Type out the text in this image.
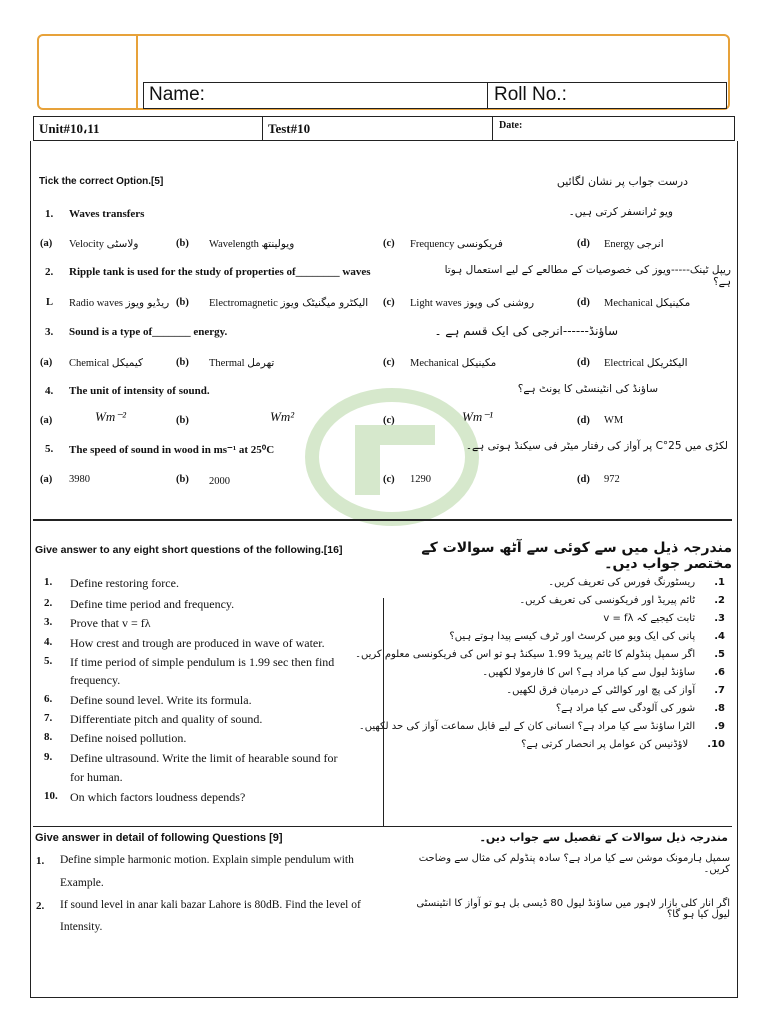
Name:	Roll No.:
Unit#10،11	Test#10	Date:
Tick the correct Option.[5]	درست جواب پر نشان لگائیں
1. Waves transfers	ویو ٹرانسفر کرتی ہیں۔
(a) Velocity ولاسٹی	(b) Wavelength ویولینتھ	(c) Frequency فریکونسی	(d) Energy انرجی
2. Ripple tank is used for the study of properties of________ waves	ریپل ٹینک-----ویوز کی خصوصیات کے مطالعے کے لیے استعمال ہوتا ہے؟
L Radio waves ریڈیو ویوز (b) Electromagnetic الیکٹرو میگنیٹک ویوز (c) Light waves روشنی کی ویوز	(d) Mechanical مکینیکل
3. Sound is a type of_______ energy.	ساؤنڈ------انرجی کی ایک قسم ہے ۔
(a) Chemical کیمیکل	(b) Thermal تھرمل	(c) Mechanical مکینیکل	(d) Electrical الیکٹریکل
4. The unit of intensity of sound.	ساؤنڈ کی انٹینسٹی کا یونٹ ہے؟
(a)	Wm⁻²	(b)	Wm²	(c)	Wm⁻¹	(d) WM
5. The speed of sound in wood in ms⁻¹ at 25⁰C	لکڑی میں C°25 پر آواز کی رفتار میٹر فی سیکنڈ ہوتی ہے۔
(a) 3980	(b) 2000	(c) 1290	(d) 972
Give answer to any eight short questions of the following.[16]	مندرجہ ذیل میں سے کوئی سے آٹھ سوالات کے مختصر جواب دیں۔
1. Define restoring force.
2. Define time period and frequency.
3. Prove that v = fλ
4. How crest and trough are produced in wave of water.
5. If time period of simple pendulum is 1.99 sec then find
frequency.
6. Define sound level. Write its formula.
7. Differentiate pitch and quality of sound.
8. Define noised pollution.
9. Define ultrasound. Write the limit of hearable sound for
for human.
10. On which factors loudness depends?
1.      ریسٹورنگ فورس کی تعریف کریں۔
2.      ٹائم پیریڈ اور فریکونسی کی تعریف کریں۔
3.      ثابت کیجیے کہ v = fλ
4.      پانی کی ایک ویو میں کرسٹ اور ٹرف کیسے پیدا ہوتے ہیں؟
5.      اگر سمپل پنڈولم کا ٹائم پیریڈ 1.99 سیکنڈ ہو تو اس کی فریکونسی معلوم کریں۔
6.      ساؤنڈ لیول سے کیا مراد ہے؟ اس کا فارمولا لکھیں۔
7.      آواز کی پچ اور کوالٹی کے درمیان فرق لکھیں۔
8.      شور کی آلودگی سے کیا مراد ہے؟
9.      الٹرا ساؤنڈ سے کیا مراد ہے؟ انسانی کان کے لیے قابل سماعت آواز کی حد لکھیں۔
10.      لاؤڈنیس کن عوامل پر انحصار کرتی ہے؟
Give answer in detail of following Questions [9]	مندرجہ ذیل سوالات کے تفصیل سے جواب دیں۔
1. Define simple harmonic motion. Explain simple pendulum with
Example.
سمپل ہارمونک موشن سے کیا مراد ہے؟ سادہ پنڈولم کی مثال سے وضاحت کریں۔
2. If sound level in anar kali bazar Lahore is 80dB. Find the level of
Intensity.
اگر انار کلی بازار لاہور میں ساؤنڈ لیول 80 ڈیسی بل ہو تو آواز کا انٹینسٹی لیول کیا ہو گا؟
